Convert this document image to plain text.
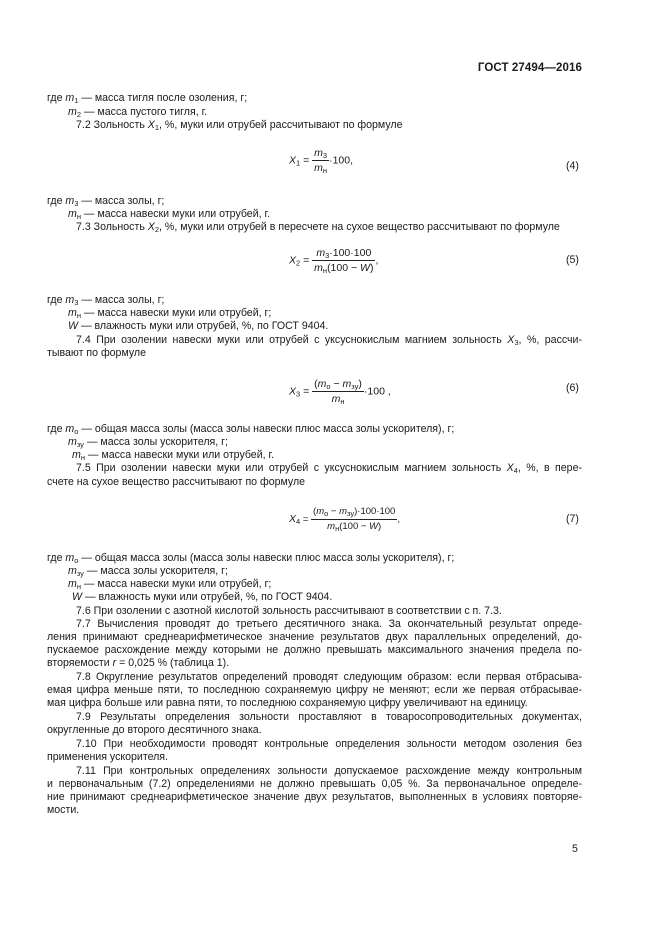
ГОСТ 27494—2016
где $m_1$ — масса тигля после озоления, г;
$m_2$ — масса пустого тигля, г.
7.2 Зольность $X_1$, %, муки или отрубей рассчитывают по формуле
$X_1 = \frac{m_3}{m_н} \cdot 100$,	(4)
где $m_3$ — масса золы, г;
$m_н$ — масса навески муки или отрубей, г.
7.3 Зольность $X_2$, %, муки или отрубей в пересчете на сухое вещество рассчитывают по формуле
$X_2 = \frac{m_3\cdot 100\cdot 100}{m_н(100 - W)}$ ,	(5)
где $m_3$ — масса золы, г;
$m_н$ — масса навески муки или отрубей, г;
W — влажность муки или отрубей, %, по ГОСТ 9404.
7.4 При озолении навески муки или отрубей с уксуснокислым магнием зольность $X_3$, %, рассчи-
тывают по формуле
$X_3 = \frac{(m_о - m_{зу})}{m_н} \cdot 100$ ,	(6)
где $m_о$ — общая масса золы (масса золы навески плюс масса золы ускорителя), г;
$m_{зу}$ — масса золы ускорителя, г;
$m_н$ — масса навески муки или отрубей, г.
7.5 При озолении навески муки или отрубей с уксуснокислым магнием зольность $X_4$, %, в пере-
счете на сухое вещество рассчитывают по формуле
$X_4 = \frac{(m_о - m_{зу})\cdot 100\cdot 100}{m_н(100 - W)}$ ,	(7)
где $m_о$ — общая масса золы (масса золы навески плюс масса золы ускорителя), г;
$m_{зу}$ — масса золы ускорителя, г;
$m_н$ — масса навески муки или отрубей, г;
W — влажность муки или отрубей, %, по ГОСТ 9404.
7.6 При озолении с азотной кислотой зольность рассчитывают в соответствии с п. 7.3.
7.7 Вычисления проводят до третьего десятичного знака. За окончательный результат опреде-
ления принимают среднеарифметическое значение результатов двух параллельных определений, до-
пускаемое расхождение между которыми не должно превышать максимального значения предела по-
вторяемости r = 0,025 % (таблица 1).
7.8 Округление результатов определений проводят следующим образом: если первая отбрасыва-
емая цифра меньше пяти, то последнюю сохраняемую цифру не меняют; если же первая отбрасывае-
мая цифра больше или равна пяти, то последнюю сохраняемую цифру увеличивают на единицу.
7.9 Результаты определения зольности проставляют в товаросопроводительных документах,
округленные до второго десятичного знака.
7.10 При необходимости проводят контрольные определения зольности методом озоления без
применения ускорителя.
7.11 При контрольных определениях зольности допускаемое расхождение между контрольным
и первоначальным (7.2) определениями не должно превышать 0,05 %. За первоначальное определе-
ние принимают среднеарифметическое значение двух результатов, выполненных в условиях повторяе-
мости.
5
